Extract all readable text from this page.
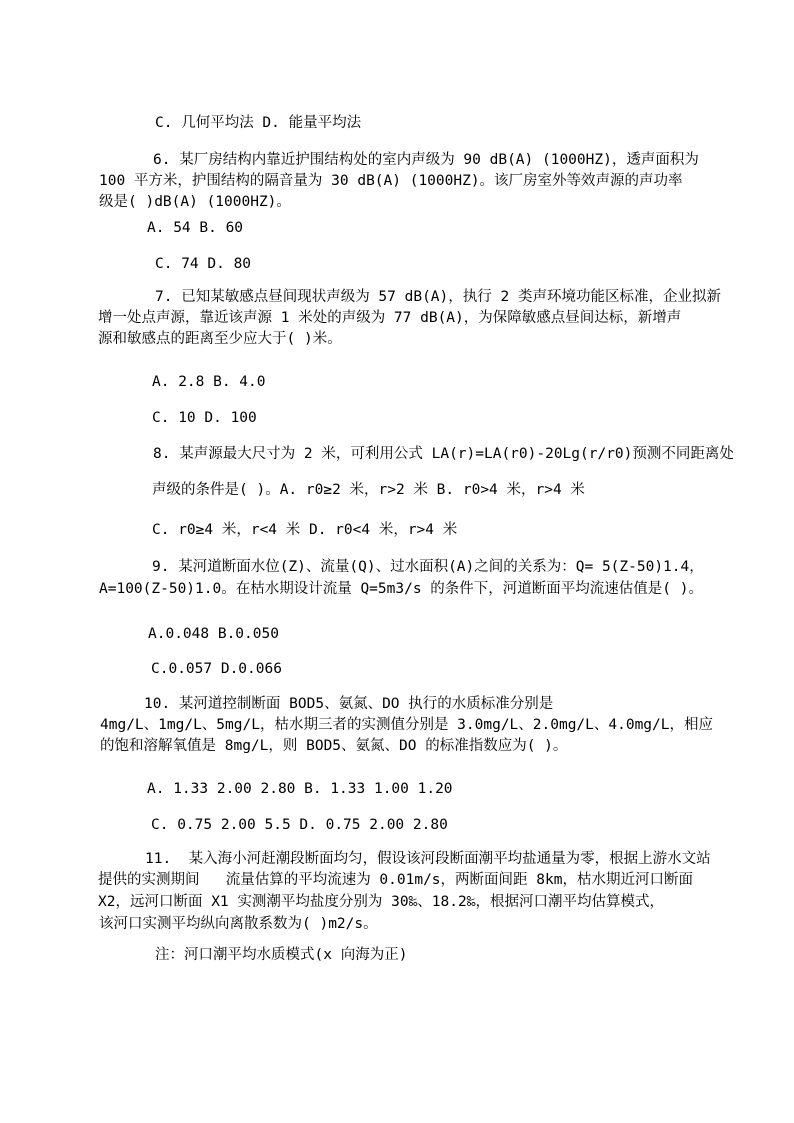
C. 几何平均法 D. 能量平均法
6. 某厂房结构内靠近护围结构处的室内声级为 90 dB(A) (1000HZ)，透声面积为
100 平方米，护围结构的隔音量为 30 dB(A) (1000HZ)。该厂房室外等效声源的声功率
级是( )dB(A) (1000HZ)。
A. 54 B. 60
C. 74 D. 80
7. 已知某敏感点昼间现状声级为 57 dB(A)，执行 2 类声环境功能区标准，企业拟新
增一处点声源，靠近该声源 1 米处的声级为 77 dB(A)，为保障敏感点昼间达标，新增声
源和敏感点的距离至少应大于( )米。
A. 2.8 B. 4.0
C. 10 D. 100
8. 某声源最大尺寸为 2 米，可利用公式 LA(r)=LA(r0)-20Lg(r/r0)预测不同距离处
声级的条件是( )。A. r0≥2 米，r>2 米 B. r0>4 米，r>4 米
C. r0≥4 米，r<4 米 D. r0<4 米，r>4 米
9. 某河道断面水位(Z)、流量(Q)、过水面积(A)之间的关系为：Q= 5(Z-50)1.4，
A=100(Z-50)1.0。在枯水期设计流量 Q=5m3/s 的条件下，河道断面平均流速估值是( )。
A.0.048 B.0.050
C.0.057 D.0.066
10. 某河道控制断面 BOD5、氨氮、DO 执行的水质标准分别是
4mg/L、1mg/L、5mg/L，枯水期三者的实测值分别是 3.0mg/L、2.0mg/L、4.0mg/L，相应
的饱和溶解氧值是 8mg/L，则 BOD5、氨氮、DO 的标准指数应为( )。
A. 1.33 2.00 2.80 B. 1.33 1.00 1.20
C. 0.75 2.00 5.5 D. 0.75 2.00 2.80
11.  某入海小河赶潮段断面均匀，假设该河段断面潮平均盐通量为零，根据上游水文站
提供的实测期间   流量估算的平均流速为 0.01m/s，两断面间距 8km，枯水期近河口断面
X2，远河口断面 X1 实测潮平均盐度分别为 30‰、18.2‰，根据河口潮平均估算模式，
该河口实测平均纵向离散系数为( )m2/s。
注：河口潮平均水质模式(x 向海为正)
